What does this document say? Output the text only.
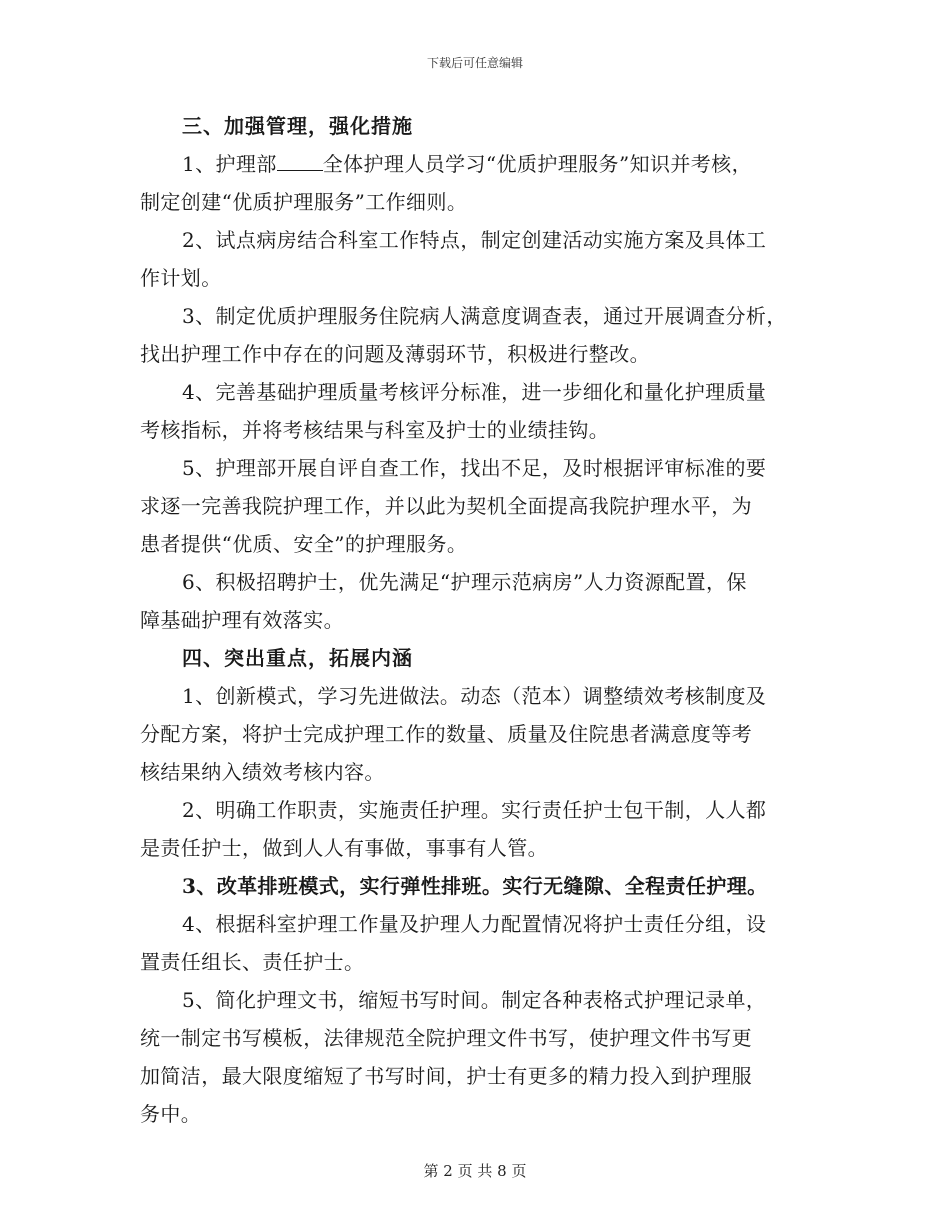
下载后可任意编辑
三、加强管理，强化措施
1、护理部 全体护理人员学习“优质护理服务”知识并考核，
制定创建“优质护理服务”工作细则。
2、试点病房结合科室工作特点，制定创建活动实施方案及具体工
作计划。
3、制定优质护理服务住院病人满意度调查表，通过开展调查分析，
找出护理工作中存在的问题及薄弱环节，积极进行整改。
4、完善基础护理质量考核评分标准，进一步细化和量化护理质量
考核指标，并将考核结果与科室及护士的业绩挂钩。
5、护理部开展自评自查工作，找出不足，及时根据评审标准的要
求逐一完善我院护理工作，并以此为契机全面提高我院护理水平，为
患者提供“优质、安全”的护理服务。
6、积极招聘护士，优先满足“护理示范病房”人力资源配置，保
障基础护理有效落实。
四、突出重点，拓展内涵
1、创新模式，学习先进做法。动态（范本）调整绩效考核制度及
分配方案，将护士完成护理工作的数量、质量及住院患者满意度等考
核结果纳入绩效考核内容。
2、明确工作职责，实施责任护理。实行责任护士包干制，人人都
是责任护士，做到人人有事做，事事有人管。
3、改革排班模式，实行弹性排班。实行无缝隙、全程责任护理。
4、根据科室护理工作量及护理人力配置情况将护士责任分组，设
置责任组长、责任护士。
5、简化护理文书，缩短书写时间。制定各种表格式护理记录单，
统一制定书写模板，法律规范全院护理文件书写，使护理文件书写更
加简洁，最大限度缩短了书写时间，护士有更多的精力投入到护理服
务中。
第 2 页 共 8 页
